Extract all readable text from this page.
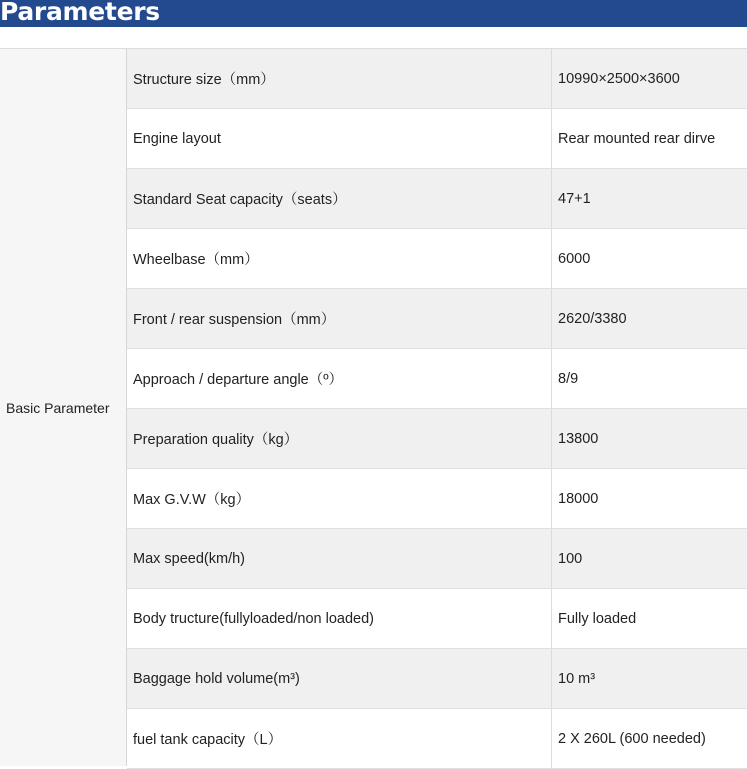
Parameters
Basic Parameter
Structure size（mm）	10990×2500×3600
Engine layout	Rear mounted rear dirve
Standard Seat capacity（seats）	47+1
Wheelbase（mm）	6000
Front / rear suspension（mm）	2620/3380
Approach / departure angle（º）	8/9
Preparation quality（kg）	13800
Max G.V.W（kg）	18000
Max speed(km/h)	100
Body tructure(fullyloaded/non loaded)	Fully loaded
Baggage hold volume(m³)	10 m³
fuel tank capacity（L）	2 X 260L (600 needed)
